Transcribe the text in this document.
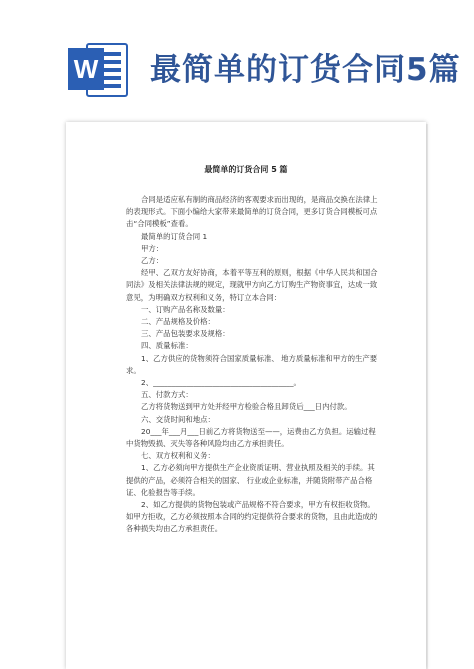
W 最简单的订货合同5篇
最简单的订货合同 5 篇

合同是适应私有制的商品经济的客观要求而出现的，是商品交换在法律上的表现形式。下面小编给大家带来最简单的订货合同，更多订货合同模板可点击“合同模板”查看。

最简单的订货合同 1

甲方：

乙方：

经甲、乙双方友好协商，本着平等互利的原则，根据《中华人民共和国合同法》及相关法律法规的规定，现就甲方向乙方订购生产物资事宜，达成一致意见，为明确双方权利和义务，特订立本合同：

一、订购产品名称及数量：

二、产品规格及价格：

三、产品包装要求及规格：

四、质量标准：

1、乙方供应的货物须符合国家质量标准、 地方质量标准和甲方的生产要求。

2、______________________________________。

五、付款方式：

乙方将货物送到甲方处并经甲方检验合格且卸货后___日内付款。

六、交货时间和地点：

20___年___月___日前乙方将货物送至——，运费由乙方负担。运输过程中货物毁损、灭失等各种风险均由乙方承担责任。

七、双方权利和义务：

1、乙方必须向甲方提供生产企业资质证明、营业执照及相关的手续。其提供的产品，必须符合相关的国家、 行业或企业标准，并随货附带产品合格证、化验报告等手续。

2、如乙方提供的货物包装或产品规格不符合要求，甲方有权拒收货物。 如甲方拒收，乙方必须按照本合同的约定提供符合要求的货物，且由此造成的各种损失均由乙方承担责任。
